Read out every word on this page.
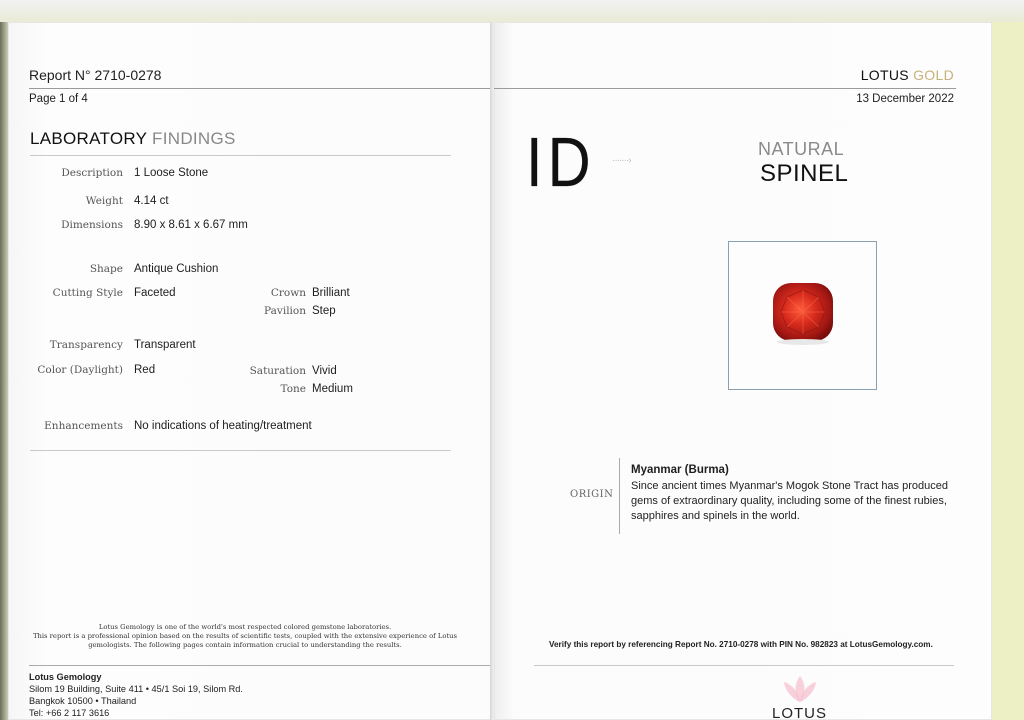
Report N° 2710-0278
Page 1 of 4
LABORATORY FINDINGS
Description 1 Loose Stone
Weight 4.14 ct
Dimensions 8.90 x 8.61 x 6.67 mm
Shape Antique Cushion
Cutting Style Faceted	Crown Brilliant
Pavilion Step
Transparency Transparent
Color (Daylight) Red	Saturation Vivid
Tone Medium
Enhancements No indications of heating/treatment
Lotus Gemology is one of the world's most respected colored gemstone laboratories.
This report is a professional opinion based on the results of scientific tests, coupled with the extensive experience of Lotus gemologists. The following pages contain information crucial to understanding the results.
Lotus Gemology
Silom 19 Building, Suite 411 • 45/1 Soi 19, Silom Rd.
Bangkok 10500 • Thailand
Tel: +66 2 117 3616
LOTUS GOLD
13 December 2022
ID ·······›
NATURAL
SPINEL
ORIGIN
Myanmar (Burma)
Since ancient times Myanmar's Mogok Stone Tract has produced gems of extraordinary quality, including some of the finest rubies, sapphires and spinels in the world.
Verify this report by referencing Report No. 2710-0278 with PIN No. 982823 at LotusGemology.com.
LOTUS
